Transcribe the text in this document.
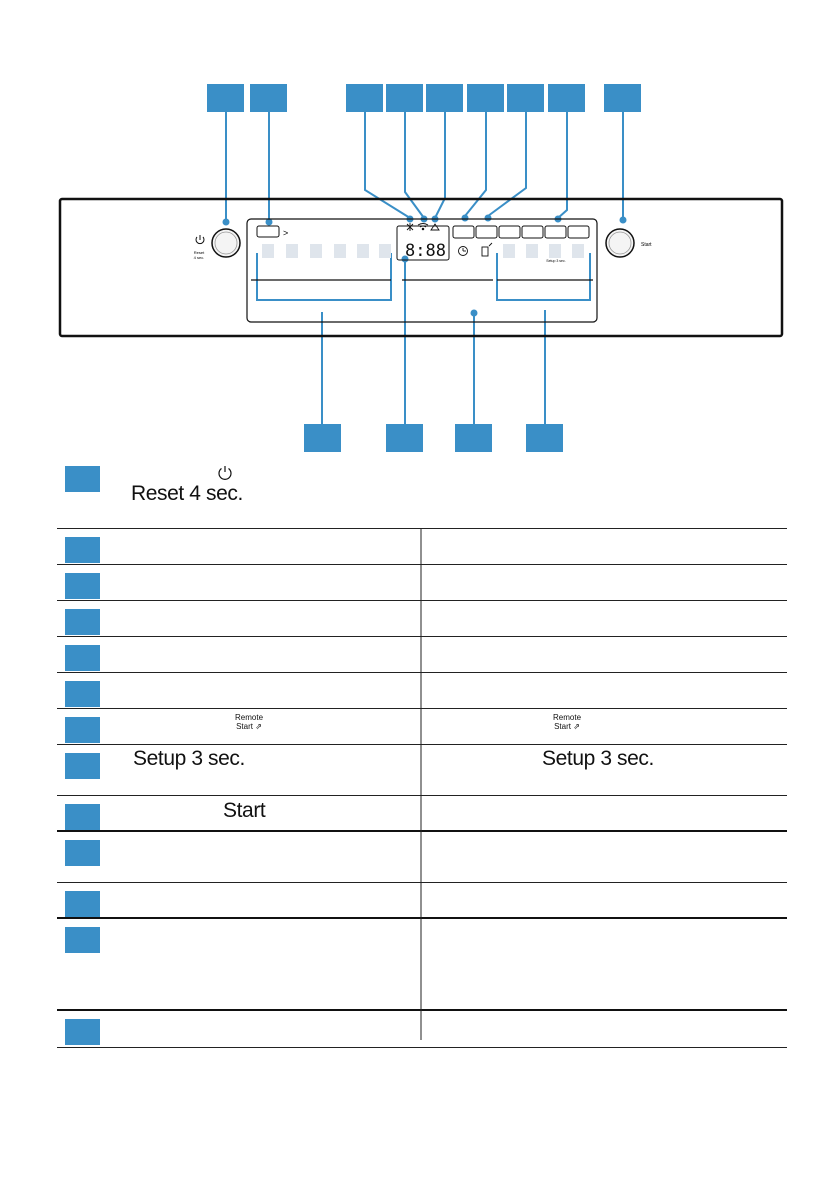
Reset
4 sec.
>
8:88	Setup 3 sec.
Start
Reset 4 sec.
Remote
Start ⇗
Remote
Start ⇗
Setup 3 sec.	Setup 3 sec.
Start
